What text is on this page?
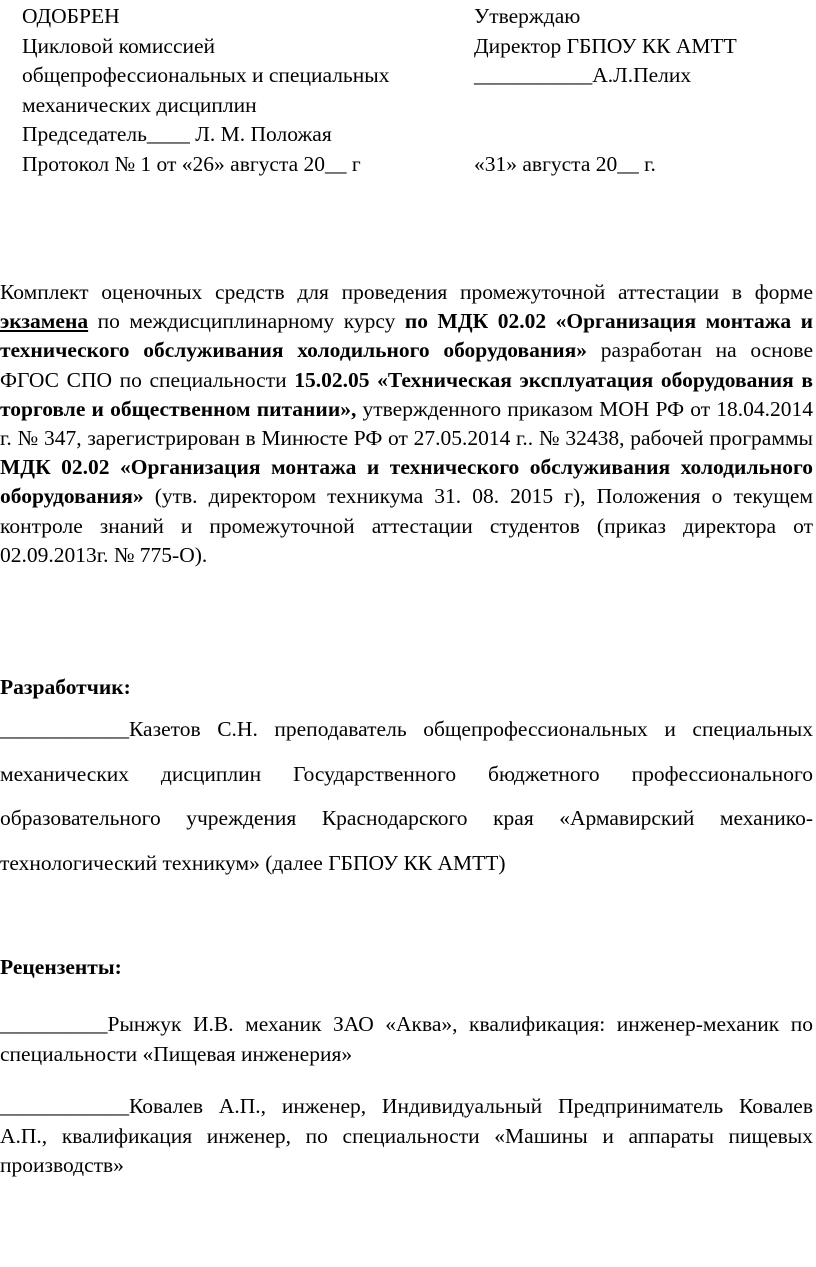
ОДОБРЕН
Цикловой комиссией
общепрофессиональных и специальных
механических дисциплин
Председатель____ Л. М. Положая
Протокол № 1 от «26» августа 20__ г
Утверждаю
Директор ГБПОУ КК АМТТ
___________А.Л.Пелих
«31» августа 20__ г.

Комплект оценочных средств для проведения промежуточной аттестации в форме экзамена по междисциплинарному курсу по МДК 02.02 «Организация монтажа и технического обслуживания холодильного оборудования» разработан на основе ФГОС СПО по специальности 15.02.05 «Техническая эксплуатация оборудования в торговле и общественном питании», утвержденного приказом МОН РФ от 18.04.2014 г. № 347, зарегистрирован в Минюсте РФ от 27.05.2014 г.. № 32438, рабочей программы МДК 02.02 «Организация монтажа и технического обслуживания холодильного оборудования» (утв. директором техникума 31. 08. 2015 г), Положения о текущем контроле знаний и промежуточной аттестации студентов (приказ директора от 02.09.2013г. № 775-О).

Разработчик:

____________Казетов С.Н. преподаватель общепрофессиональных и специальных механических дисциплин Государственного бюджетного профессионального образовательного учреждения Краснодарского края «Армавирский механико-технологический техникум» (далее ГБПОУ КК АМТТ)

Рецензенты:

__________Рынжук И.В. механик ЗАО «Аква», квалификация: инженер-механик по специальности «Пищевая инженерия»

____________Ковалев А.П., инженер, Индивидуальный Предприниматель Ковалев А.П., квалификация инженер, по специальности «Машины и аппараты пищевых производств»
